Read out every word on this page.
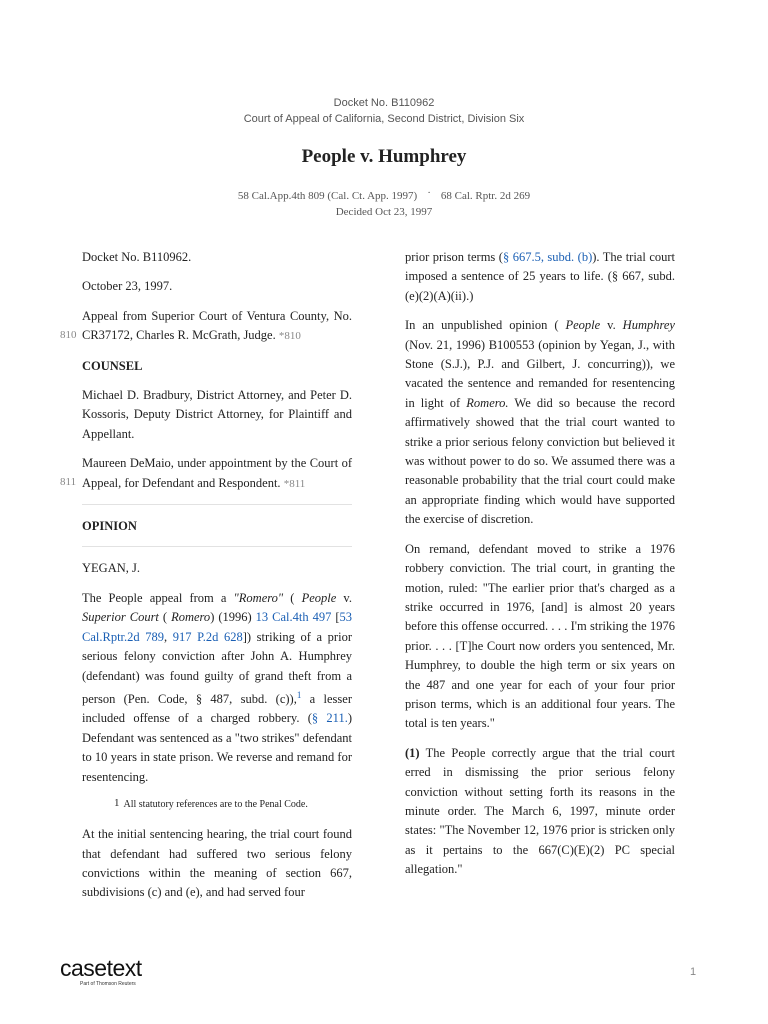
Docket No. B110962
Court of Appeal of California, Second District, Division Six
People v. Humphrey
58 Cal.App.4th 809 (Cal. Ct. App. 1997) · 68 Cal. Rptr. 2d 269
Decided Oct 23, 1997

Docket No. B110962.

October 23, 1997.

810
Appeal from Superior Court of Ventura County, No. CR37172, Charles R. McGrath, Judge. *810

COUNSEL

Michael D. Bradbury, District Attorney, and Peter D. Kossoris, Deputy District Attorney, for Plaintiff and Appellant.

811
Maureen DeMaio, under appointment by the Court of Appeal, for Defendant and Respondent. *811

OPINION

YEGAN, J.

The People appeal from a "Romero" ( People v. Superior Court ( Romero) (1996) 13 Cal.4th 497 [53 Cal.Rptr.2d 789, 917 P.2d 628]) striking of a prior serious felony conviction after John A. Humphrey (defendant) was found guilty of grand theft from a person (Pen. Code, § 487, subd. (c)),$^1$ a lesser included offense of a charged robbery. (§ 211.) Defendant was sentenced as a "two strikes" defendant to 10 years in state prison. We reverse and remand for resentencing.

1 All statutory references are to the Penal Code.

At the initial sentencing hearing, the trial court found that defendant had suffered two serious felony convictions within the meaning of section 667, subdivisions (c) and (e), and had served four

prior prison terms (§ 667.5, subd. (b)). The trial court imposed a sentence of 25 years to life. (§ 667, subd. (e)(2)(A)(ii).)

In an unpublished opinion ( People v. Humphrey (Nov. 21, 1996) B100553 (opinion by Yegan, J., with Stone (S.J.), P.J. and Gilbert, J. concurring)), we vacated the sentence and remanded for resentencing in light of Romero. We did so because the record affirmatively showed that the trial court wanted to strike a prior serious felony conviction but believed it was without power to do so. We assumed there was a reasonable probability that the trial court could make an appropriate finding which would have supported the exercise of discretion.

On remand, defendant moved to strike a 1976 robbery conviction. The trial court, in granting the motion, ruled: "The earlier prior that's charged as a strike occurred in 1976, [and] is almost 20 years before this offense occurred. . . . I'm striking the 1976 prior. . . . [T]he Court now orders you sentenced, Mr. Humphrey, to double the high term or six years on the 487 and one year for each of your four prior prison terms, which is an additional four years. The total is ten years."

(1) The People correctly argue that the trial court erred in dismissing the prior serious felony conviction without setting forth its reasons in the minute order. The March 6, 1997, minute order states: "The November 12, 1976 prior is stricken only as it pertains to the 667(C)(E)(2) PC special allegation."

casetext
Part of Thomson Reuters
1
